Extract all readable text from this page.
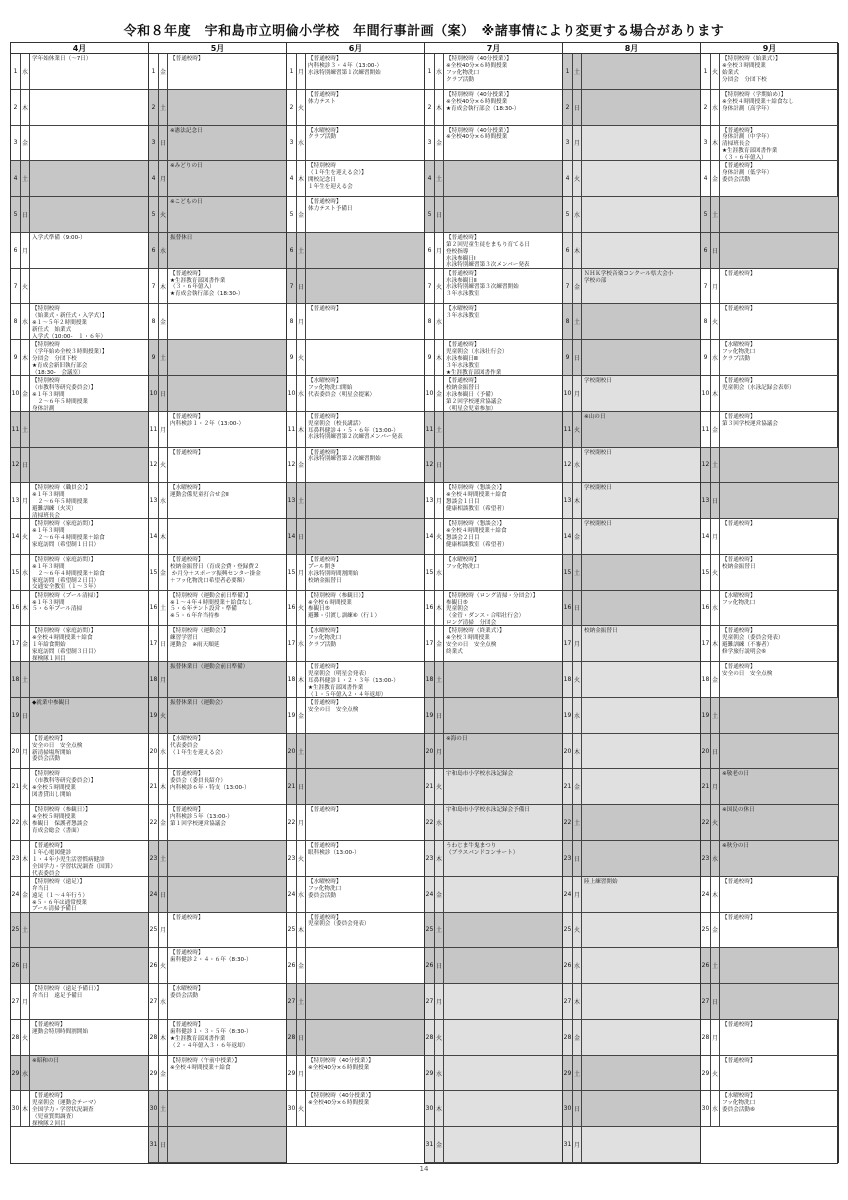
令和８年度　宇和島市立明倫小学校　年間行事計画（案）　※諸事情により変更する場合があります
4月
1 水
学年始休業日（～7日）
2 木
3 金
4 土
5 日
6 月
入学式準備（9:00-）
7 火
8 水
【特別校時
（始業式・新任式・入学式）】
※１～５年２時間授業
新任式　始業式
入学式（10:00-　１・６年）

9 木
【特別校時
（学年始め全校３時間授業）】
分団会　分団下校
★育成会新旧執行部会
（18:30-　会議室）
10 金
【特別校時
（市教科等研究委員会）】
※１年３時間
　２～６年５時間授業
身体計測

11 土
12 日
13 月
【特別校時（職員会）】
※１年３時間
　２～６年５時間授業
避難訓練（火災）
清掃班長会
14 火
【特別校時（家庭訪問）】
※１年３時間
　２～６年４時間授業＋給食
家庭訪問（希望制１日目）
15 水
【特別校時（家庭訪問）】
※１年３時間
　２～６年４時間授業＋給食
家庭訪問（希望制２日目）
交通安全教室（１～３年）
16 木
【特別校時（プール清掃）】
※１年３時間
５・６年プール清掃
17 金
【特別校時（家庭訪問）】
※全校４時間授業＋給食
１年給食開始
家庭訪問（希望制３日目）
探検隊１回目
18 土
19 日
◆就業中参観日
20 月
【普通校時】
安全の日　安全点検
新清掃場所開始
委員会活動
21 火
【特別校時
（市教科等研究委員会）】
※全校５時間授業
図書貸出し開始
22 水
【特別校時（参観日）】
※全校５時間授業
参観日　保護者懇談会
育成会総会（書面）
23 木
【普通校時】
１年心電図健診
１・４年小児生活習慣病健診
全国学力・学習状況調査（国算）
代表委員会
24 金
【特別校時（遠足）】
弁当日
遠足（１～４年行う）
※５・６年は通常授業
プール清掃予備日
25 土
26 日
27 月
【特別校時（遠足予備日）】
弁当日　遠足予備日
28 火
【普通校時】
運動会特別時間割開始
29 水
※昭和の日
30 木
【普通校時】
児童朝会（運動会テーマ）
全国学力・学習状況調査
（児童質問調査）
探検隊２回目

5月
1 金
【普通校時】
2 土
3 日
※憲法記念日
4 月
※みどりの日
5 火
※こどもの日
6 水
振替休日
7 木
【普通校時】
★生涯教育部図書作業
（３・６年億入）
★育成会執行部会（18:30-）
8 金
9 土
10 日
11 月
【普通校時】
内科検診１・２年（13:00-）
12 火
【普通校時】
13 水
【水曜校時】
運動会係児童打合せ会Ⅱ
14 木
15 金
【普通校時】
校納金振替日（育成会費・登録費２
か月分＋スポーツ振興センター掛金
＋フッ化物洗口希望者必要額）
16 土
【特別校時（運動会前日準備）】
※１～４年４時間授業＋給食なし
５・６年テント設営・準備
※５・６年弁当持参
17 日
【特別校時（運動会）】
練習学習日
運動会　※雨天順延
18 月
振替休業日（運動会前日準備）
19 火
振替休業日（運動会）
20 水
【水曜校時】
代表委員会
（１年生を迎える会）
21 木
【普通校時】
委員会（委員長紹介）
内科検診６年・特支（13:00-）
22 金
【普通校時】
内科検診５年（13:00-）
第１回学校運営協議会
23 土
24 日
25 月
【普通校時】
26 火
【普通校時】
歯科健診２・４・６年（8:30-）
27 水
【水曜校時】
委員会活動
28 木
【普通校時】
歯科健診１・３・５年（8:30-）
★生涯教育部図書作業
（２・４年億入３・６年返却）
29 金
【特別校時（午前中授業）】
※全校４時間授業＋給食
30 土
31 日
6月
1 月
【普通校時】
内科検診３・４年（13:00-）
水泳特別練習第１次練習開始
2 火
【普通校時】
体力テスト
3 水
【水曜校時】
クラブ活動
4 木
【特別校時
（１年生を迎える会）】
開校記念日
１年生を迎える会
5 金
【普通校時】
体力テスト予備日
6 土
7 日
8 月
【普通校時】
9 火
10 水
【水曜校時】
フッ化物洗口開始
代表委員会（明星会提案）
11 木
【普通校時】
児童朝会（校長講話）
耳鼻科健診４・５・６年（13:00-）
水泳特別練習第２次練習メンバー発表
12 金
【普通校時】
水泳特別練習第２次練習開始
13 土
14 日
15 月
【普通校時】
プール開き
水泳特別時間割開始
校納金振替日
16 火
【特別校時（参観日）】
※全校６時間授業
参観日⑤
避難・引渡し訓練⑥（行１）
17 水
【水曜校時】
フッ化物洗口
クラブ活動
18 木
【普通校時】
児童朝会（明星会発表）
耳鼻科健診１・２・３年（13:00-）
★生涯教育部図書作業
（１・５年億入２・４年返却）
19 金
【普通校時】
安全の日　安全点検
20 土
21 日
22 月
【普通校時】
23 火
【普通校時】
眼科検診（13:00-）
24 水
【水曜校時】
フッ化物洗口
委員会活動
25 木
【普通校時】
児童朝会（委員会発表）
26 金
27 土
28 日
29 月
【特別校時（40分授業）】
※全校40分×６時間授業
30 火
【特別校時（40分授業）】
※全校40分×６時間授業
7月
1 水
【特別校時（40分授業）】
※全校40分×６時間授業
フッ化物洗口
クラブ活動
2 木
【特別校時（40分授業）】
※全校40分×６時間授業
★育成会執行部会（18:30-）
3 金
【特別校時（40分授業）】
※全校40分×６時間授業
4 土
5 日
6 月
【普通校時】
第２回児童生徒をまもり育てる日
登校指導
水泳参観日Ⅰ
水泳特別練習第３次メンバー発表

7 火
【普通校時】
水泳参観日Ⅱ
水泳特別練習第３次練習開始
３年水泳教室
8 水
【水曜校時】
３年水泳教室
9 木
【普通校時】
児童朝会（水泳壮行会）
水泳参観日Ⅲ
３年水泳教室
★生涯教育部図書作業

10 金
【普通校時】
校納金振替日
水泳参観日（予備）
第２回学校運営協議会
（明星会児童参加）

11 土
12 日
13 月
【特別校時（懇談会）】
※全校４時間授業＋給食
懇談会１日目
健康相談教室（希望者）
14 火
【特別校時（懇談会）】
※全校４時間授業＋給食
懇談会２日目
健康相談教室（希望者）
15 水
【水曜校時】
フッ化物洗口
16 木
【特別校時（ロング清掃・分団会）】
参観日⑤
児童朝会
（金管・ダンス・合唱壮行会）
ロング清掃　分団会
17 金
【特別校時（終業式）】
※全校３時間授業
安全の日　安全点検
終業式
18 土
19 日
20 月
※海の日
21 火
宇和島市小学校水泳記録会
22 水
宇和島市小学校水泳記録会予備日
23 木
うわじま牛鬼まつり
（ブラスバンドコンサート）
24 金
25 土
26 日
27 月
28 火
29 水
30 木
31 金
8月
1 土
2 日
3 月
4 火
5 水
6 木
7 金
ＮＨＫ学校音楽コンクール県大会小
学校の部
8 土
9 日
10 月
学校閉校日
11 火
※山の日
12 水
学校閉校日
13 木
学校閉校日
14 金
学校閉校日
15 土
16 日
17 月
校納金振替日
18 火
19 水
20 木
21 金
22 土
23 日
24 月
陸上練習開始
25 火
26 水
27 木
28 金
29 土
30 日
31 月
9月
1 火
【特別校時（始業式）】
※全校３時間授業
始業式
分団会　分団下校
2 水
【特別校時（学期始め）】
※全校４時間授業＋給食なし
身体計測（高学年）
3 木
【普通校時】
身体計測（中学年）
清掃班長会
★生涯教育部図書作業
（３・６年億入）

4 金
【普通校時】
身体計測（低学年）
委員会活動
5 土
6 日
7 月
【普通校時】
8 火
【普通校時】
9 水
【水曜校時】
フッ化物洗口
クラブ活動
10 木
【普通校時】
児童朝会（水泳記録会表彰）
11 金
【普通校時】
第３回学校運営協議会
12 土
13 日
14 月
【普通校時】
15 火
【普通校時】
校納金振替日
16 水
【水曜校時】
フッ化物洗口
17 木
【普通校時】
児童朝会（委員会発表）
避難訓練（不審者）
修学旅行説明会⑥
18 金
【普通校時】
安全の日　安全点検
19 土
20 日
21 月
※敬老の日
22 火
※国民の休日
23 水
※秋分の日
24 木
【普通校時】
25 金
【普通校時】
26 土
27 日
28 月
【普通校時】
29 火
【普通校時】
30 水
【水曜校時】
フッ化物洗口
委員会活動⑥
14
